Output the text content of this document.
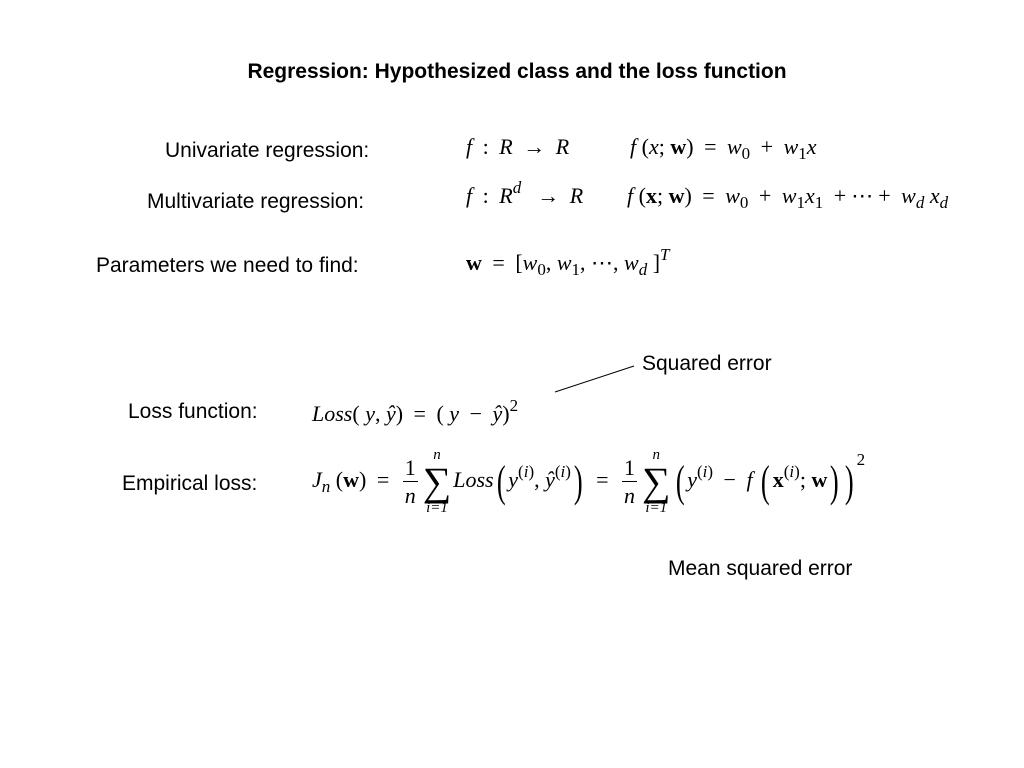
Regression: Hypothesized class and the loss function
Univariate regression:	f : R → R	f (x; $w) = w_0 + w_1x$
Multivariate regression:	f : $R^d \to R$ f (x; $w) = w_0 + w_1x_1$ + ⋯ + $w_d$ $x_d$
Parameters we need to find:	$w = [w_0$, $w_1$, ⋯, $w_d$ ]$^T$
Squared error
Loss function: Loss( y, ŷ) = ( y − ŷ)$^2$
Empirical loss: $J_n$ $(w) = \frac{1}{n}$
n
∑
i=1
Loss( $y^{(i)}$, $ŷ^{(i)}) = \frac{1}{n}$
n
∑
i=1
( $y^{(i)} - f$ ( $x^{(i)}$; w) ) $^2$
Mean squared error
